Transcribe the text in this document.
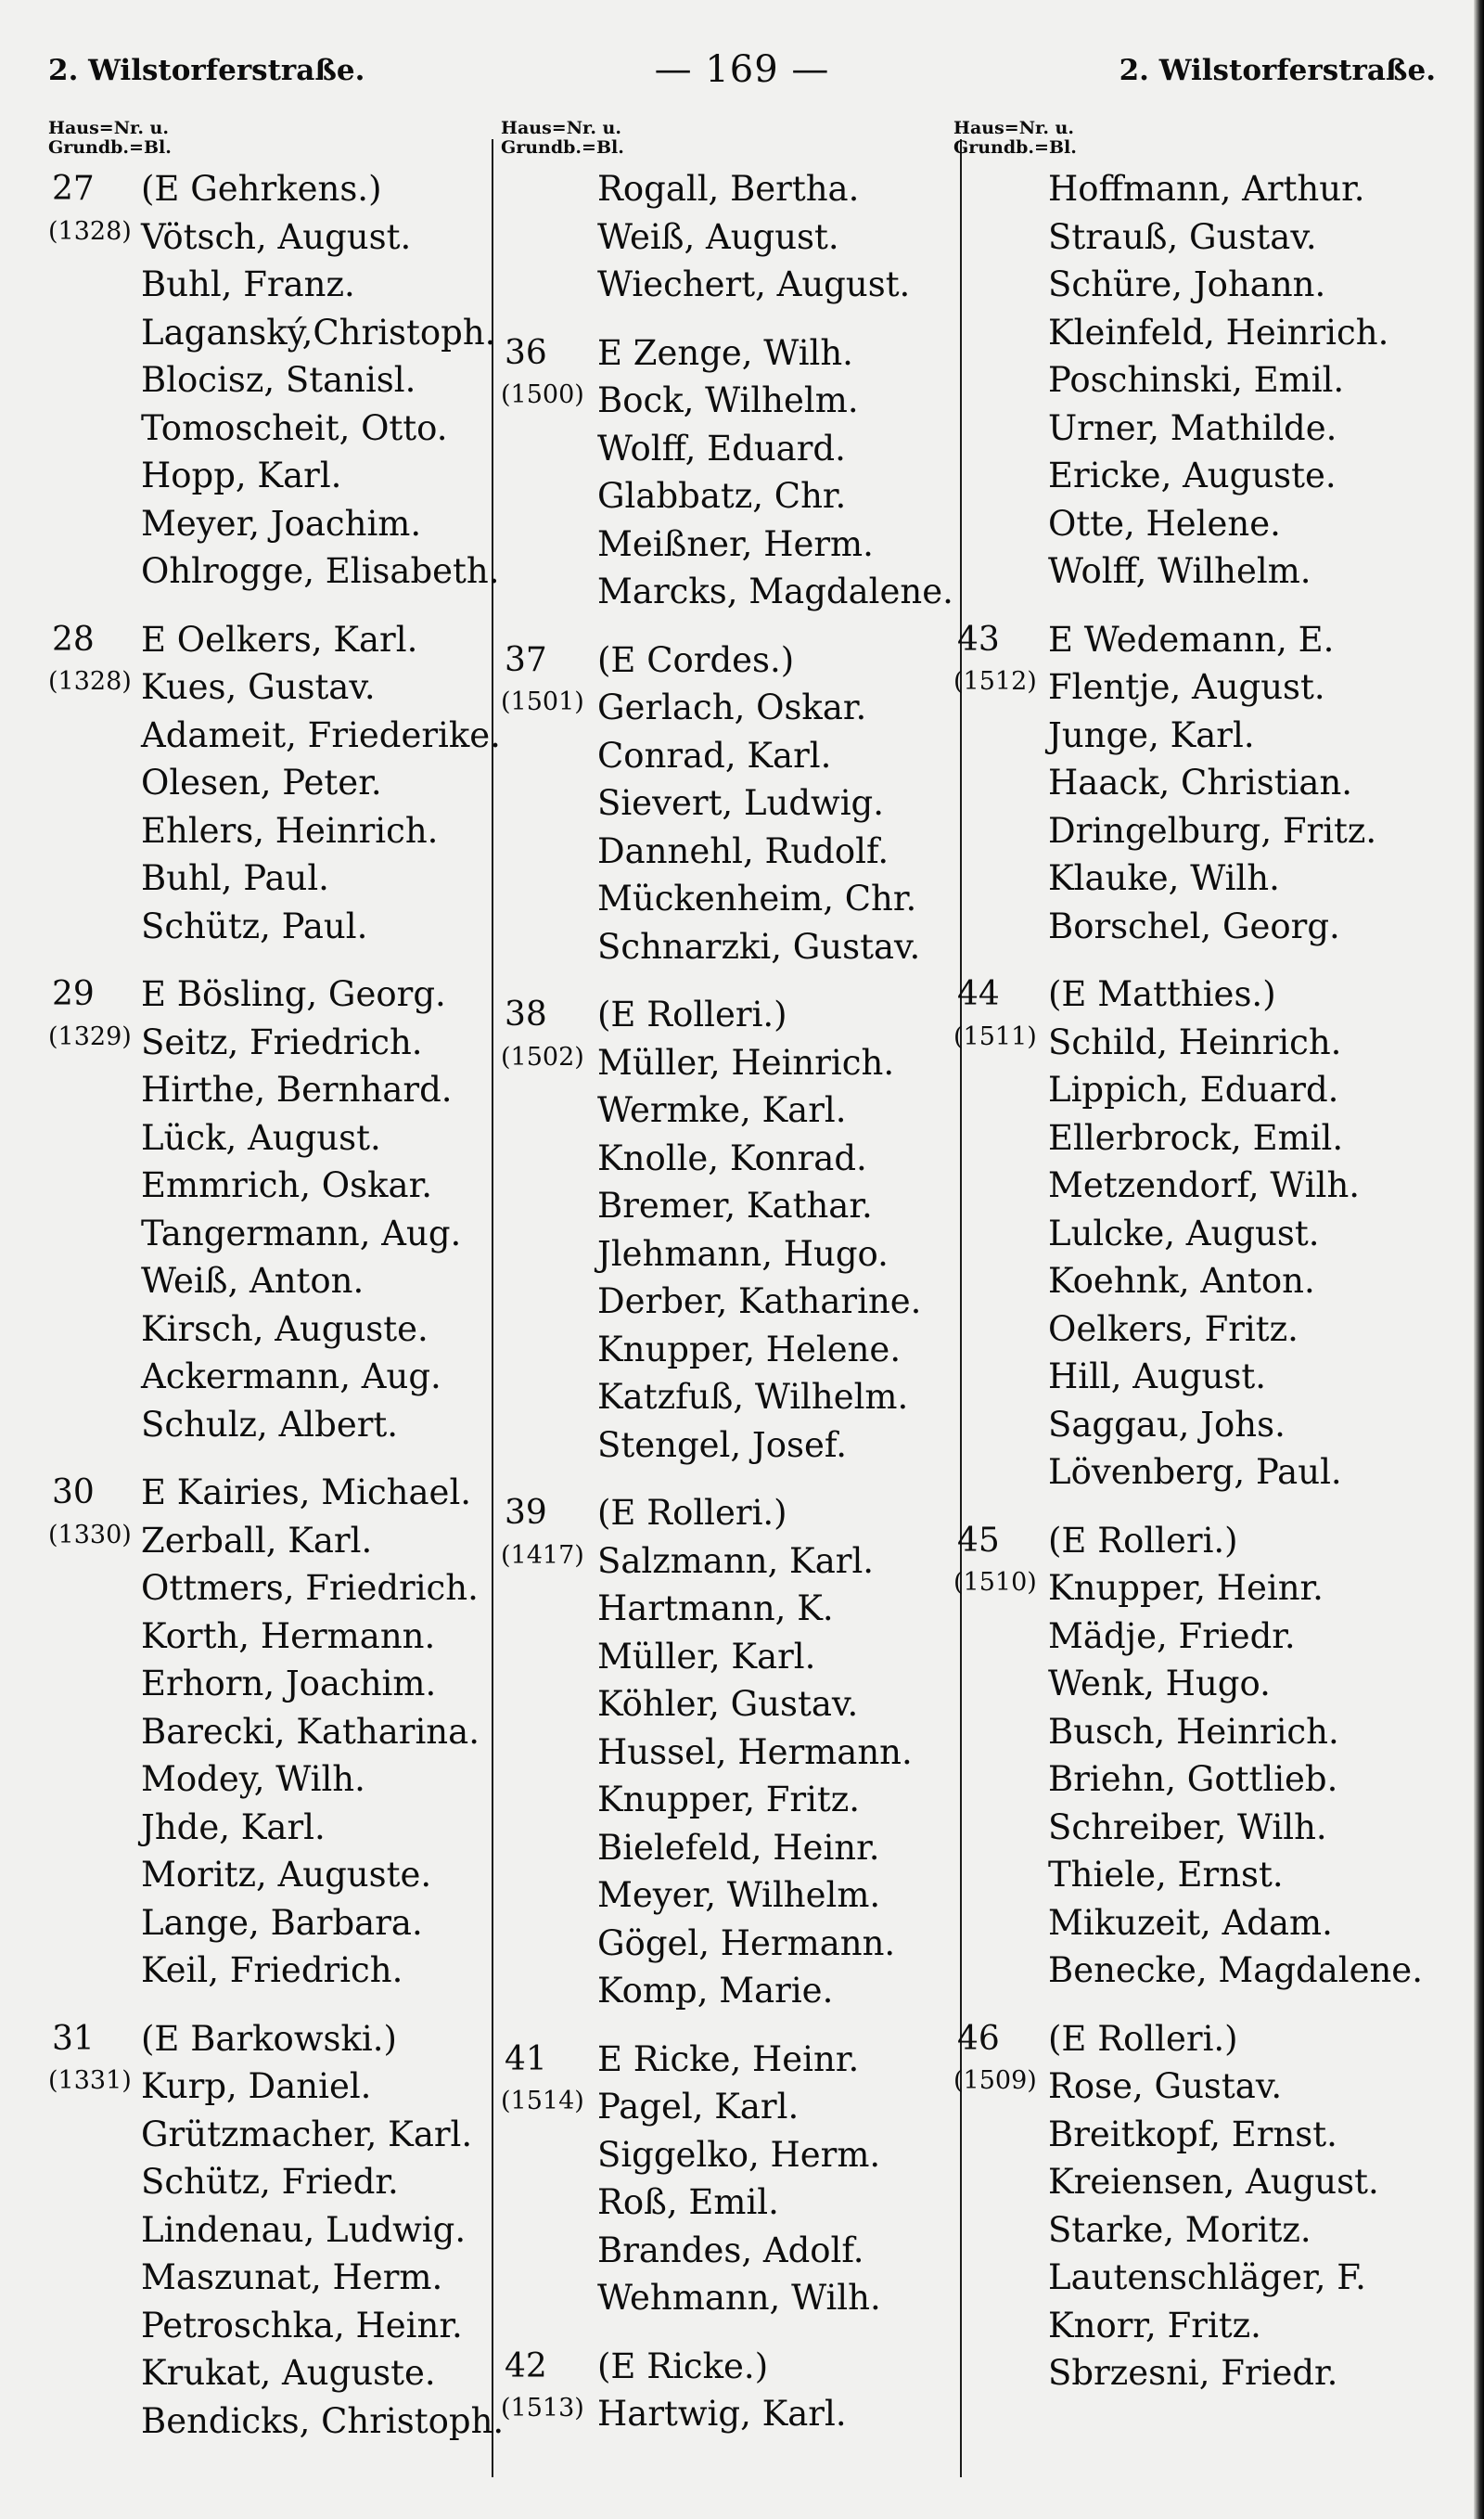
2. Wilstorferstraße.	— 169 —	2. Wilstorferstraße.
Haus=Nr. u.
Grundb.=Bl.
27 (E Gehrkens.)
(1328) Vötsch, August.
Buhl, Franz.
Laganský,Christoph.
Blocisz, Stanisl.
Tomoscheit, Otto.
Hopp, Karl.
Meyer, Joachim.
Ohlrogge, Elisabeth.
28 E Oelkers, Karl.
(1328) Kues, Gustav.
Adameit, Friederike.
Olesen, Peter.
Ehlers, Heinrich.
Buhl, Paul.
Schütz, Paul.
29 E Bösling, Georg.
(1329) Seitz, Friedrich.
Hirthe, Bernhard.
Lück, August.
Emmrich, Oskar.
Tangermann, Aug.
Weiß, Anton.
Kirsch, Auguste.
Ackermann, Aug.
Schulz, Albert.
30 E Kairies, Michael.
(1330) Zerball, Karl.
Ottmers, Friedrich.
Korth, Hermann.
Erhorn, Joachim.
Barecki, Katharina.
Modey, Wilh.
Jhde, Karl.
Moritz, Auguste.
Lange, Barbara.
Keil, Friedrich.
31 (E Barkowski.)
(1331) Kurp, Daniel.
Grützmacher, Karl.
Schütz, Friedr.
Lindenau, Ludwig.
Maszunat, Herm.
Petroschka, Heinr.
Krukat, Auguste.
Bendicks, Christoph.
Haus=Nr. u.
Grundb.=Bl.
Rogall, Bertha.
Weiß, August.
Wiechert, August.
36 E Zenge, Wilh.
(1500) Bock, Wilhelm.
Wolff, Eduard.
Glabbatz, Chr.
Meißner, Herm.
Marcks, Magdalene.
37 (E Cordes.)
(1501) Gerlach, Oskar.
Conrad, Karl.
Sievert, Ludwig.
Dannehl, Rudolf.
Mückenheim, Chr.
Schnarzki, Gustav.
38 (E Rolleri.)
(1502) Müller, Heinrich.
Wermke, Karl.
Knolle, Konrad.
Bremer, Kathar.
Jlehmann, Hugo.
Derber, Katharine.
Knupper, Helene.
Katzfuß, Wilhelm.
Stengel, Josef.
39 (E Rolleri.)
(1417) Salzmann, Karl.
Hartmann, K.
Müller, Karl.
Köhler, Gustav.
Hussel, Hermann.
Knupper, Fritz.
Bielefeld, Heinr.
Meyer, Wilhelm.
Gögel, Hermann.
Komp, Marie.
41 E Ricke, Heinr.
(1514) Pagel, Karl.
Siggelko, Herm.
Roß, Emil.
Brandes, Adolf.
Wehmann, Wilh.
42 (E Ricke.)
(1513) Hartwig, Karl.
Haus=Nr. u.
Grundb.=Bl.
Hoffmann, Arthur.
Strauß, Gustav.
Schüre, Johann.
Kleinfeld, Heinrich.
Poschinski, Emil.
Urner, Mathilde.
Ericke, Auguste.
Otte, Helene.
Wolff, Wilhelm.
43 E Wedemann, E.
(1512) Flentje, August.
Junge, Karl.
Haack, Christian.
Dringelburg, Fritz.
Klauke, Wilh.
Borschel, Georg.
44 (E Matthies.)
(1511) Schild, Heinrich.
Lippich, Eduard.
Ellerbrock, Emil.
Metzendorf, Wilh.
Lulcke, August.
Koehnk, Anton.
Oelkers, Fritz.
Hill, August.
Saggau, Johs.
Lövenberg, Paul.
45 (E Rolleri.)
(1510) Knupper, Heinr.
Mädje, Friedr.
Wenk, Hugo.
Busch, Heinrich.
Briehn, Gottlieb.
Schreiber, Wilh.
Thiele, Ernst.
Mikuzeit, Adam.
Benecke, Magdalene.
46 (E Rolleri.)
(1509) Rose, Gustav.
Breitkopf, Ernst.
Kreiensen, August.
Starke, Moritz.
Lautenschläger, F.
Knorr, Fritz.
Sbrzesni, Friedr.
